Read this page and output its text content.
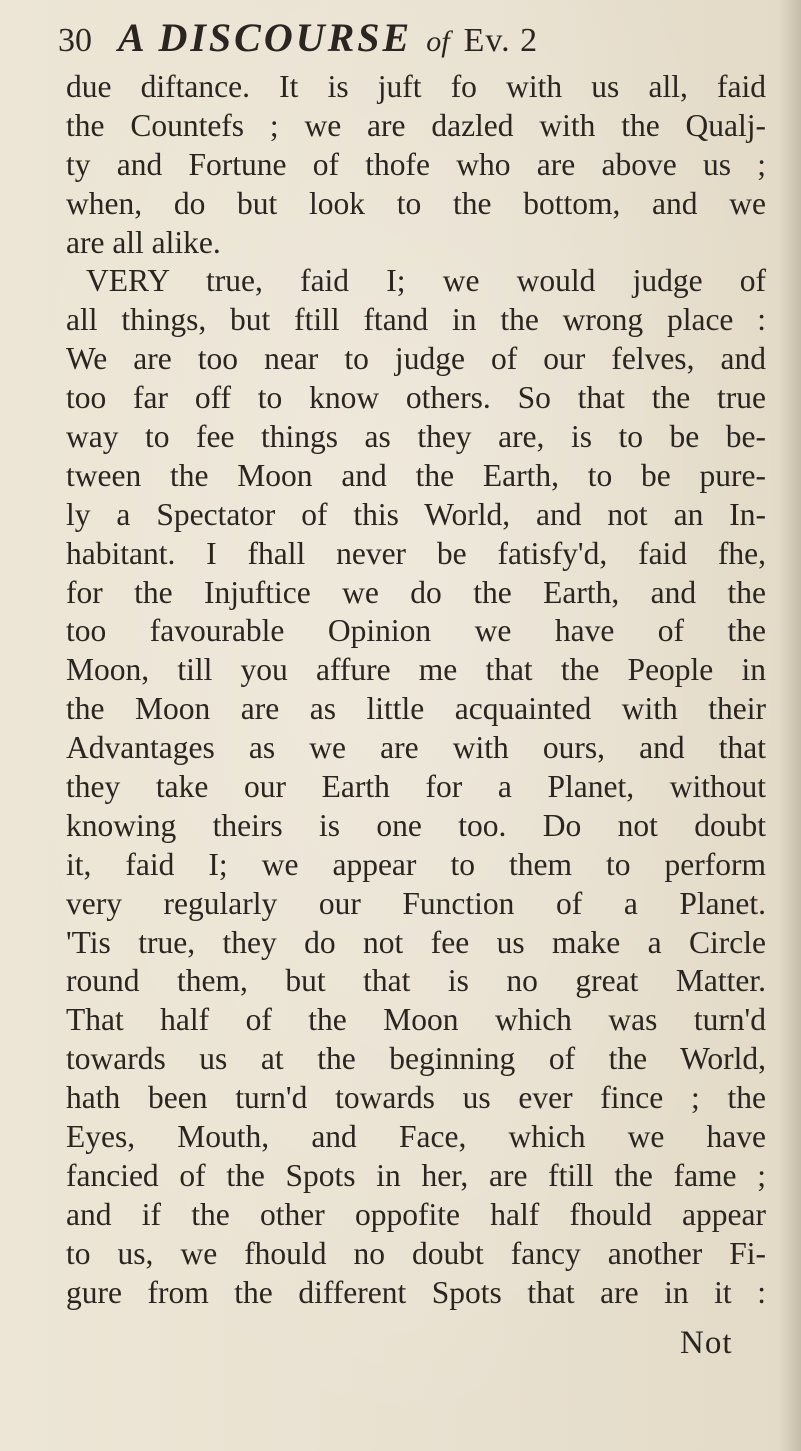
30 A DISCOURSE of Ev. 2
due diftance. It is juft fo with us all, faid
the Countefs ; we are dazled with the Qualj-
ty and Fortune of thofe who are above us ;
when, do but look to the bottom, and we
are all alike.
VERY true, faid I; we would judge of
all things, but ftill ftand in the wrong place :
We are too near to judge of our felves, and
too far off to know others. So that the true
way to fee things as they are, is to be be-
tween the Moon and the Earth, to be pure-
ly a Spectator of this World, and not an In-
habitant. I fhall never be fatisfy'd, faid fhe,
for the Injuftice we do the Earth, and the
too favourable Opinion we have of the
Moon, till you affure me that the People in
the Moon are as little acquainted with their
Advantages as we are with ours, and that
they take our Earth for a Planet, without
knowing theirs is one too. Do not doubt
it, faid I; we appear to them to perform
very regularly our Function of a Planet.
'Tis true, they do not fee us make a Circle
round them, but that is no great Matter.
That half of the Moon which was turn'd
towards us at the beginning of the World,
hath been turn'd towards us ever fince ; the
Eyes, Mouth, and Face, which we have
fancied of the Spots in her, are ftill the fame ;
and if the other oppofite half fhould appear
to us, we fhould no doubt fancy another Fi-
gure from the different Spots that are in it :
Not
